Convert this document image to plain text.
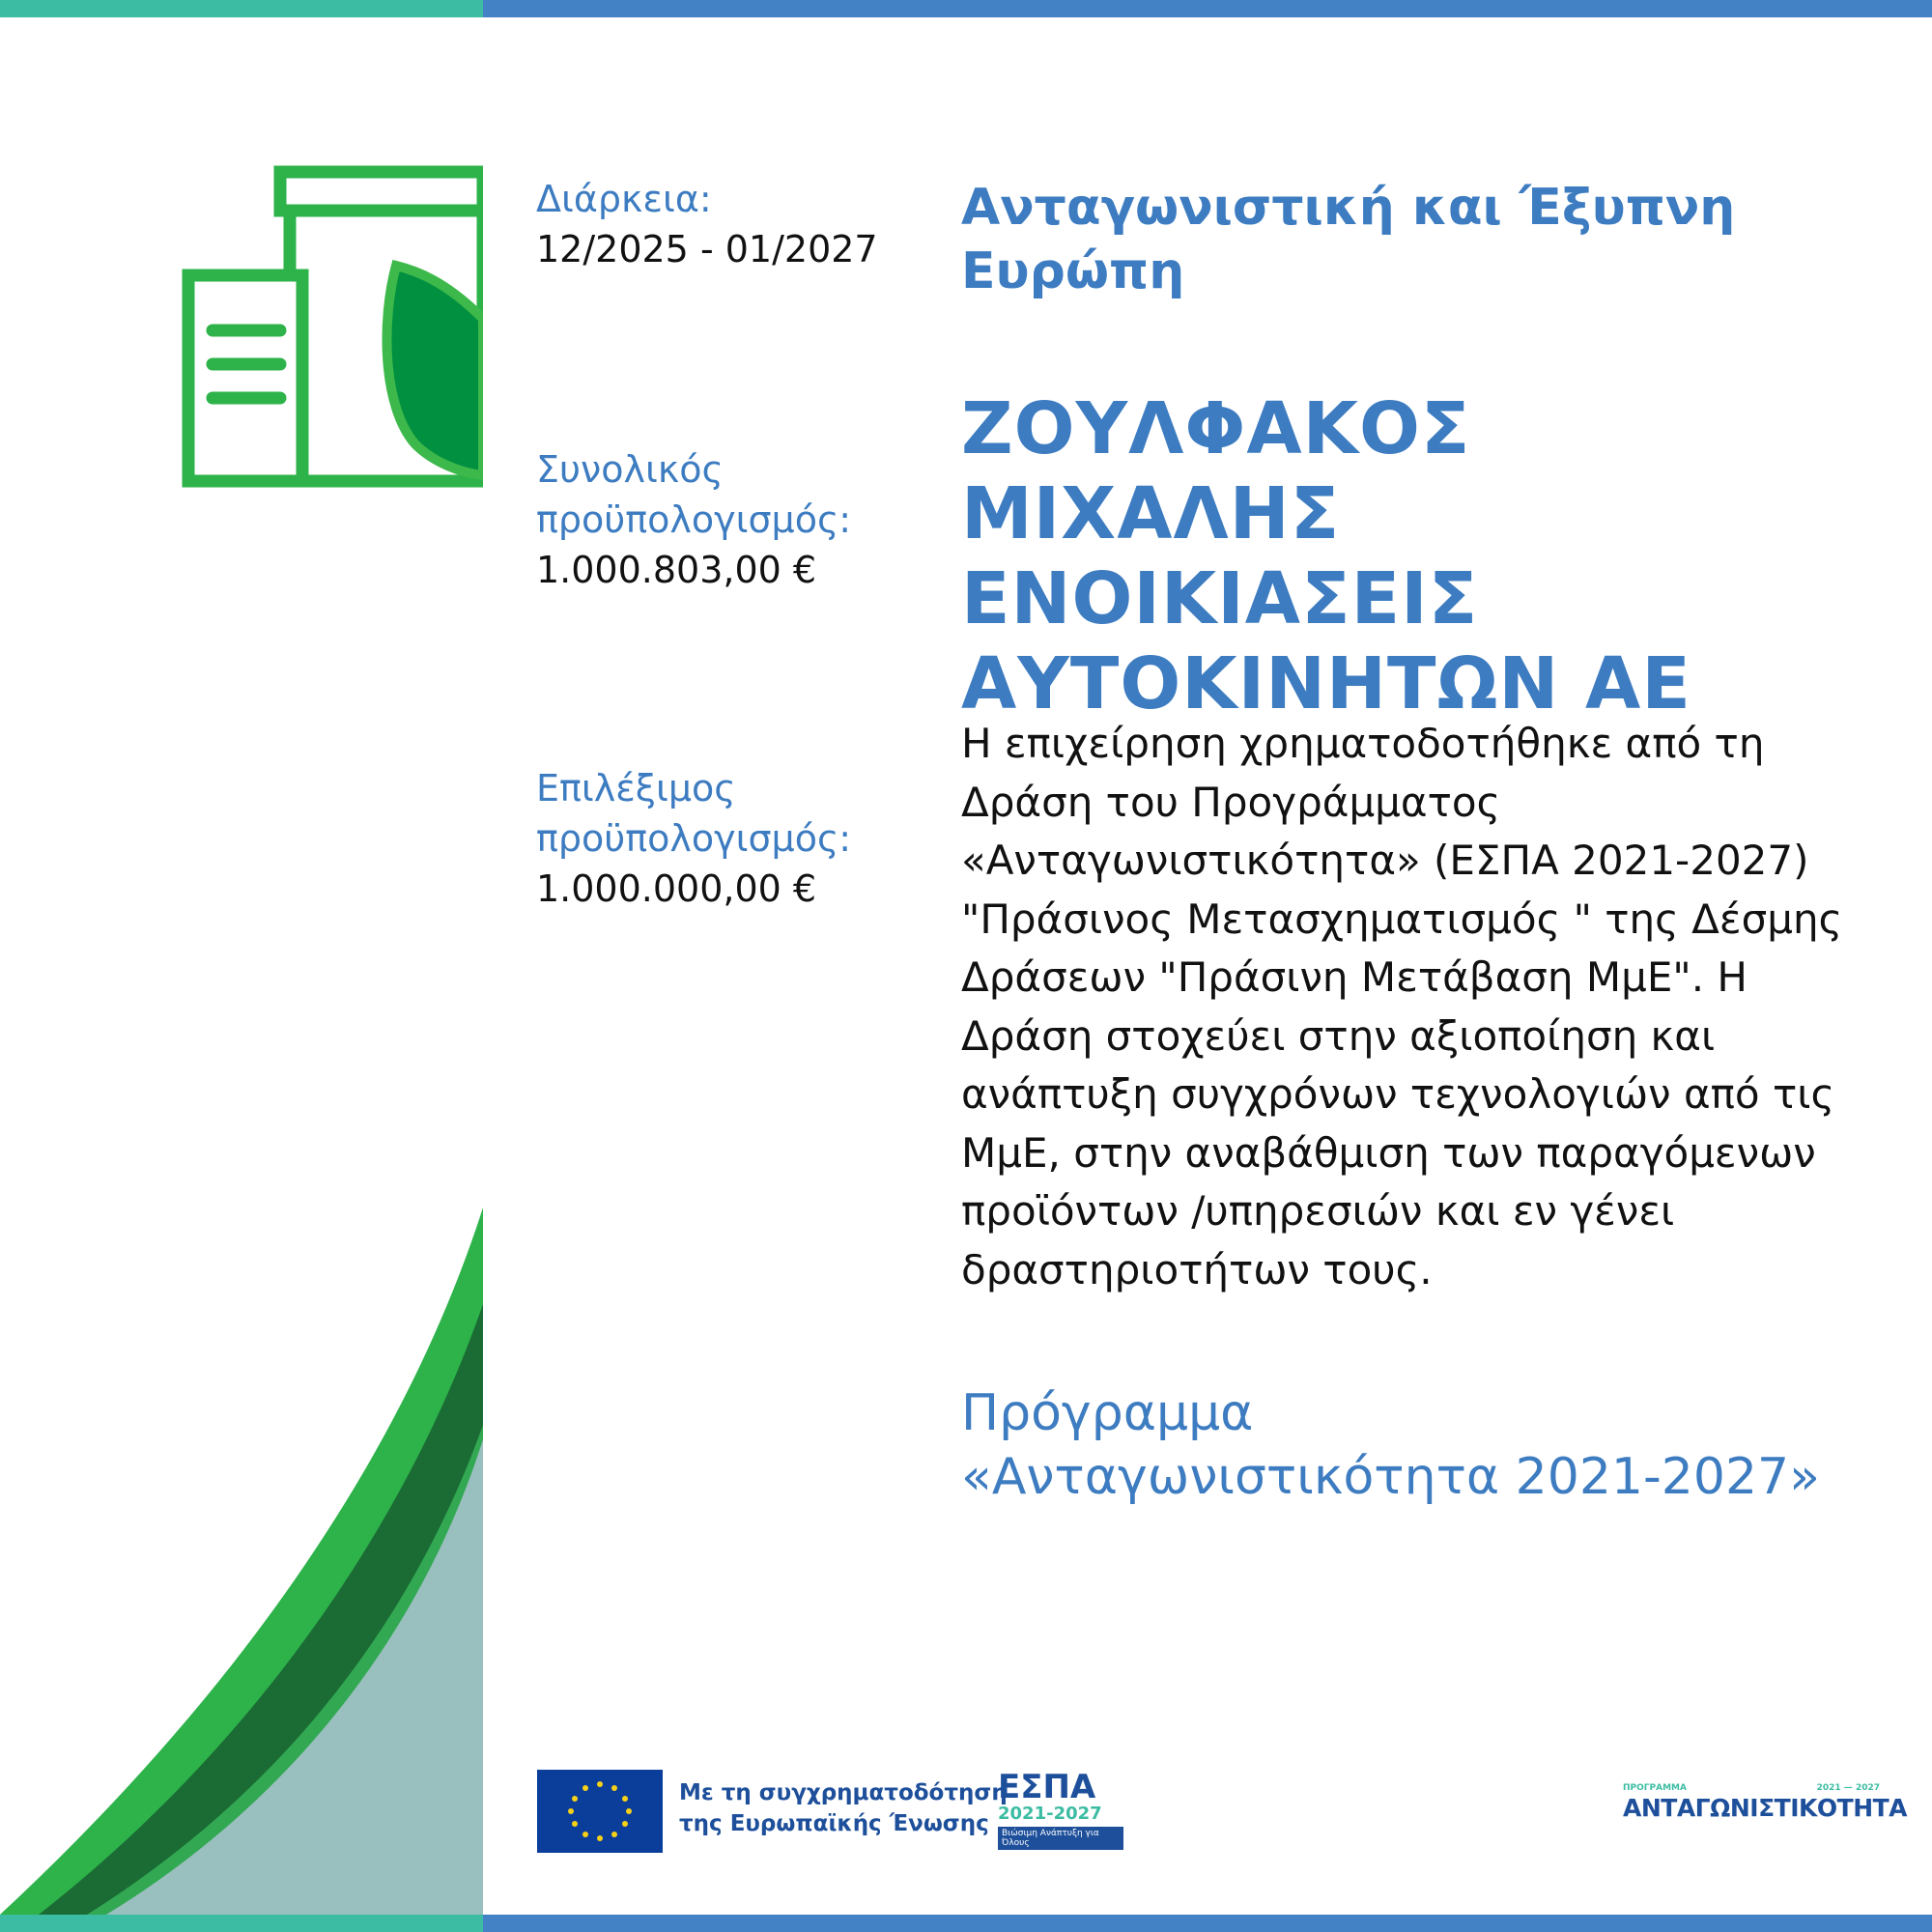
Διάρκεια:
12/2025 - 01/2027
Συνολικός
προϋπολογισμός:
1.000.803,00 €
Επιλέξιμος
προϋπολογισμός:
1.000.000,00 €
Ανταγωνιστική και Έξυπνη
Ευρώπη
ΖΟΥΛΦΑΚΟΣ ΜΙΧΑΛΗΣ
ΕΝΟΙΚΙΑΣΕΙΣ
ΑΥΤΟΚΙΝΗΤΩΝ ΑΕ
Η επιχείρηση χρηματοδοτήθηκε από τη Δράση του Προγράμματος «Ανταγωνιστικότητα» (ΕΣΠΑ 2021-2027) "Πράσινος Μετασχηματισμός " της Δέσμης Δράσεων "Πράσινη Μετάβαση ΜμΕ". Η Δράση στοχεύει στην αξιοποίηση και ανάπτυξη συγχρόνων τεχνολογιών από τις ΜμΕ, στην αναβάθμιση των παραγόμενων προϊόντων /υπηρεσιών και εν γένει δραστηριοτήτων τους.
Πρόγραμμα
«Ανταγωνιστικότητα 2021-2027»
Με τη συγχρηματοδότηση
της Ευρωπαϊκής Ένωσης
ΕΣΠΑ
2021-2027
Βιώσιμη Ανάπτυξη για Όλους
ΠΡΟΓΡΑΜΜΑ	2021 — 2027
ΑΝΤΑΓΩΝΙΣΤΙΚΟΤΗΤΑ
